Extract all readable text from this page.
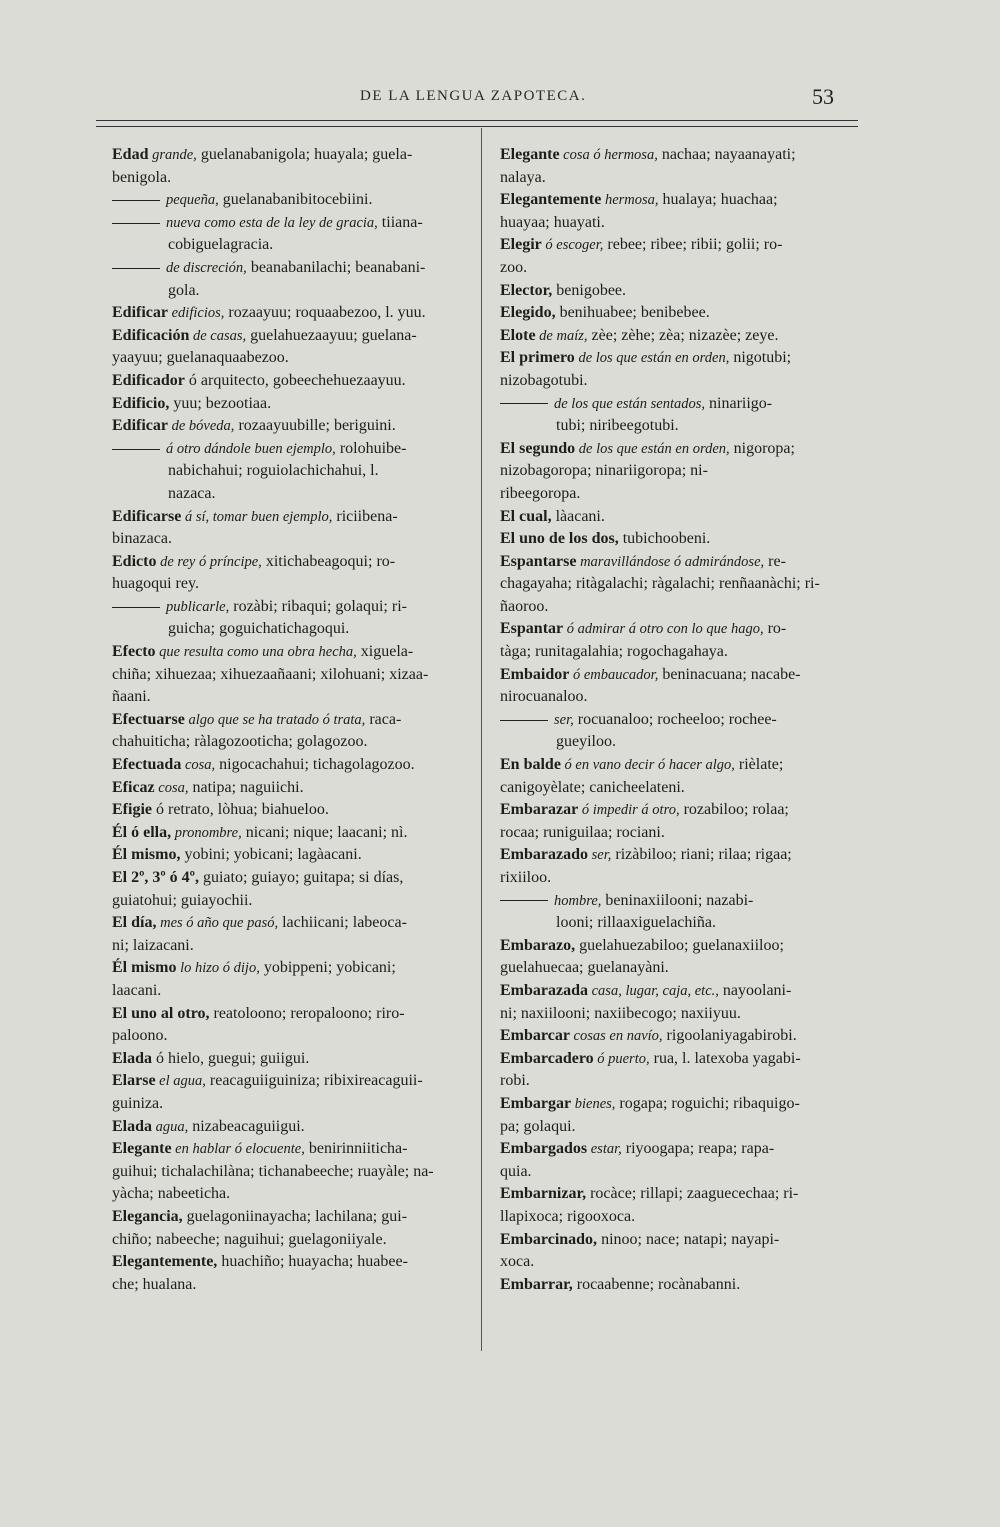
DE LA LENGUA ZAPOTECA.	53
Edad grande, guelanabanigola; huayala; guela-
benigola.
pequeña, guelanabanibitocebiini.
nueva como esta de la ley de gracia, tiiana-
cobiguelagracia.
de discreción, beanabanilachi; beanabani-
gola.
Edificar edificios, rozaayuu; roquaabezoo, l. yuu.
Edificación de casas, guelahuezaayuu; guelana-
yaayuu; guelanaquaabezoo.
Edificador ó arquitecto, gobeechehuezaayuu.
Edificio, yuu; bezootiaa.
Edificar de bóveda, rozaayuubille; beriguini.
á otro dándole buen ejemplo, rolohuibe-
nabichahui; roguiolachichahui, l.
nazaca.
Edificarse á sí, tomar buen ejemplo, riciibena-
binazaca.
Edicto de rey ó príncipe, xitichabeagoqui; ro-
huagoqui rey.
publicarle, rozàbi; ribaqui; golaqui; ri-
guicha; goguichatichagoqui.
Efecto que resulta como una obra hecha, xiguela-
chiña; xihuezaa; xihuezaañaani; xilohuani; xizaa-
ñaani.
Efectuarse algo que se ha tratado ó trata, raca-
chahuiticha; ràlagozooticha; golagozoo.
Efectuada cosa, nigocachahui; tichagolagozoo.
Eficaz cosa, natipa; naguiichi.
Efigie ó retrato, lòhua; biahueloo.
Él ó ella, pronombre, nicani; nique; laacani; nì.
Él mismo, yobini; yobicani; lagàacani.
El 2º, 3º ó 4º, guiato; guiayo; guitapa; si días,
guiatohui; guiayochii.
El día, mes ó año que pasó, lachiicani; labeoca-
ni; laizacani.
Él mismo lo hizo ó dijo, yobippeni; yobicani;
laacani.
El uno al otro, reatoloono; reropaloono; riro-
paloono.
Elada ó hielo, guegui; guiigui.
Elarse el agua, reacaguiiguiniza; ribixireacaguii-
guiniza.
Elada agua, nizabeacaguiigui.
Elegante en hablar ó elocuente, benirinniiticha-
guihui; tichalachilàna; tichanabeeche; ruayàle; na-
yàcha; nabeeticha.
Elegancia, guelagoniinayacha; lachilana; gui-
chiño; nabeeche; naguihui; guelagoniiyale.
Elegantemente, huachiño; huayacha; huabee-
che; hualana.
Elegante cosa ó hermosa, nachaa; nayaanayati;
nalaya.
Elegantemente hermosa, hualaya; huachaa;
huayaa; huayati.
Elegir ó escoger, rebee; ribee; ribii; golii; ro-
zoo.
Elector, benigobee.
Elegido, benihuabee; benibebee.
Elote de maíz, zèe; zèhe; zèa; nizazèe; zeye.
El primero de los que están en orden, nigotubi;
nizobagotubi.
de los que están sentados, ninariigo-
tubi; niribeegotubi.
El segundo de los que están en orden, nigoropa;
nizobagoropa; ninariigoropa; ni-
ribeegoropa.
El cual, làacani.
El uno de los dos, tubichoobeni.
Espantarse maravillándose ó admirándose, re-
chagayaha; ritàgalachi; ràgalachi; renñaanàchi; ri-
ñaoroo.
Espantar ó admirar á otro con lo que hago, ro-
tàga; runitagalahia; rogochagahaya.
Embaidor ó embaucador, beninacuana; nacabe-
nirocuanaloo.
ser, rocuanaloo; rocheeloo; rochee-
gueyiloo.
En balde ó en vano decir ó hacer algo, rièlate;
canigoyèlate; canicheelateni.
Embarazar ó impedir á otro, rozabiloo; rolaa;
rocaa; runiguilaa; rociani.
Embarazado ser, rizàbiloo; riani; rilaa; rigaa;
rixiiloo.
hombre, beninaxiilooni; nazabi-
looni; rillaaxiguelachiña.
Embarazo, guelahuezabiloo; guelanaxiiloo;
guelahuecaa; guelanayàni.
Embarazada casa, lugar, caja, etc., nayoolani-
ni; naxiilooni; naxiibecogo; naxiiyuu.
Embarcar cosas en navío, rigoolaniyagabirobi.
Embarcadero ó puerto, rua, l. latexoba yagabi-
robi.
Embargar bienes, rogapa; roguichi; ribaquigo-
pa; golaqui.
Embargados estar, riyoogapa; reapa; rapa-
quia.
Embarnizar, rocàce; rillapi; zaaguecechaa; ri-
llapixoca; rigooxoca.
Embarcinado, ninoo; nace; natapi; nayapi-
xoca.
Embarrar, rocaabenne; rocànabanni.
